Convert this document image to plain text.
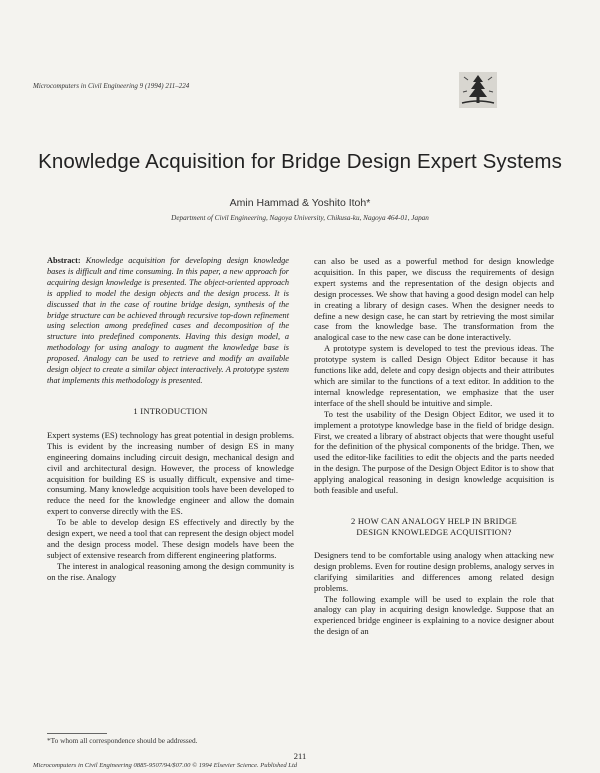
Microcomputers in Civil Engineering 9 (1994) 211–224
Knowledge Acquisition for Bridge Design Expert Systems
Amin Hammad & Yoshito Itoh*
Department of Civil Engineering, Nagoya University, Chikusa-ku, Nagoya 464-01, Japan

Abstract: Knowledge acquisition for developing design knowledge bases is difficult and time consuming. In this paper, a new approach for acquiring design knowledge is presented. The object-oriented approach is applied to model the design objects and the design process. It is discussed that in the case of routine bridge design, synthesis of the bridge structure can be achieved through recursive top-down refinement using selection among predefined cases and decomposition of the structure into predefined components. Having this design model, a methodology for using analogy to augment the knowledge base is proposed. Analogy can be used to retrieve and modify an available design object to create a similar object interactively. A prototype system that implements this methodology is presented.

1 INTRODUCTION

Expert systems (ES) technology has great potential in design problems. This is evident by the increasing number of design ES in many engineering domains including circuit design, mechanical design and civil and architectural design. However, the process of knowledge acquisition for building ES is usually difficult, expensive and time-consuming. Many knowledge acquisition tools have been developed to reduce the need for the knowledge engineer and allow the domain expert to converse directly with the ES.

To be able to develop design ES effectively and directly by the design expert, we need a tool that can represent the design object model and the design process model. These design models have been the subject of extensive research from different engineering platforms.

The interest in analogical reasoning among the design community is on the rise. Analogy

can also be used as a powerful method for design knowledge acquisition. In this paper, we discuss the requirements of design expert systems and the representation of the design objects and design processes. We show that having a good design model can help in creating a library of design cases. When the designer needs to define a new design case, he can start by retrieving the most similar case from the knowledge base. The transformation from the analogical case to the new case can be done interactively.

A prototype system is developed to test the previous ideas. The prototype system is called Design Object Editor because it has functions like add, delete and copy design objects and their attributes which are similar to the functions of a text editor. In addition to the internal knowledge representation, we emphasize that the user interface of the shell should be intuitive and simple.

To test the usability of the Design Object Editor, we used it to implement a prototype knowledge base in the field of bridge design. First, we created a library of abstract objects that were thought useful for the definition of the physical components of the bridge. Then, we used the editor-like facilities to edit the objects and the parts needed in the design. The purpose of the Design Object Editor is to show that applying analogical reasoning in design knowledge acquisition is both feasible and useful.

2 HOW CAN ANALOGY HELP IN BRIDGE
DESIGN KNOWLEDGE ACQUISITION?

Designers tend to be comfortable using analogy when attacking new design problems. Even for routine design problems, analogy serves in clarifying similarities and differences among related design problems.

The following example will be used to explain the role that analogy can play in acquiring design knowledge. Suppose that an experienced bridge engineer is explaining to a novice designer about the design of an

*To whom all correspondence should be addressed.
211
Microcomputers in Civil Engineering 0885-9507/94/$07.00 © 1994 Elsevier Science. Published Ltd
